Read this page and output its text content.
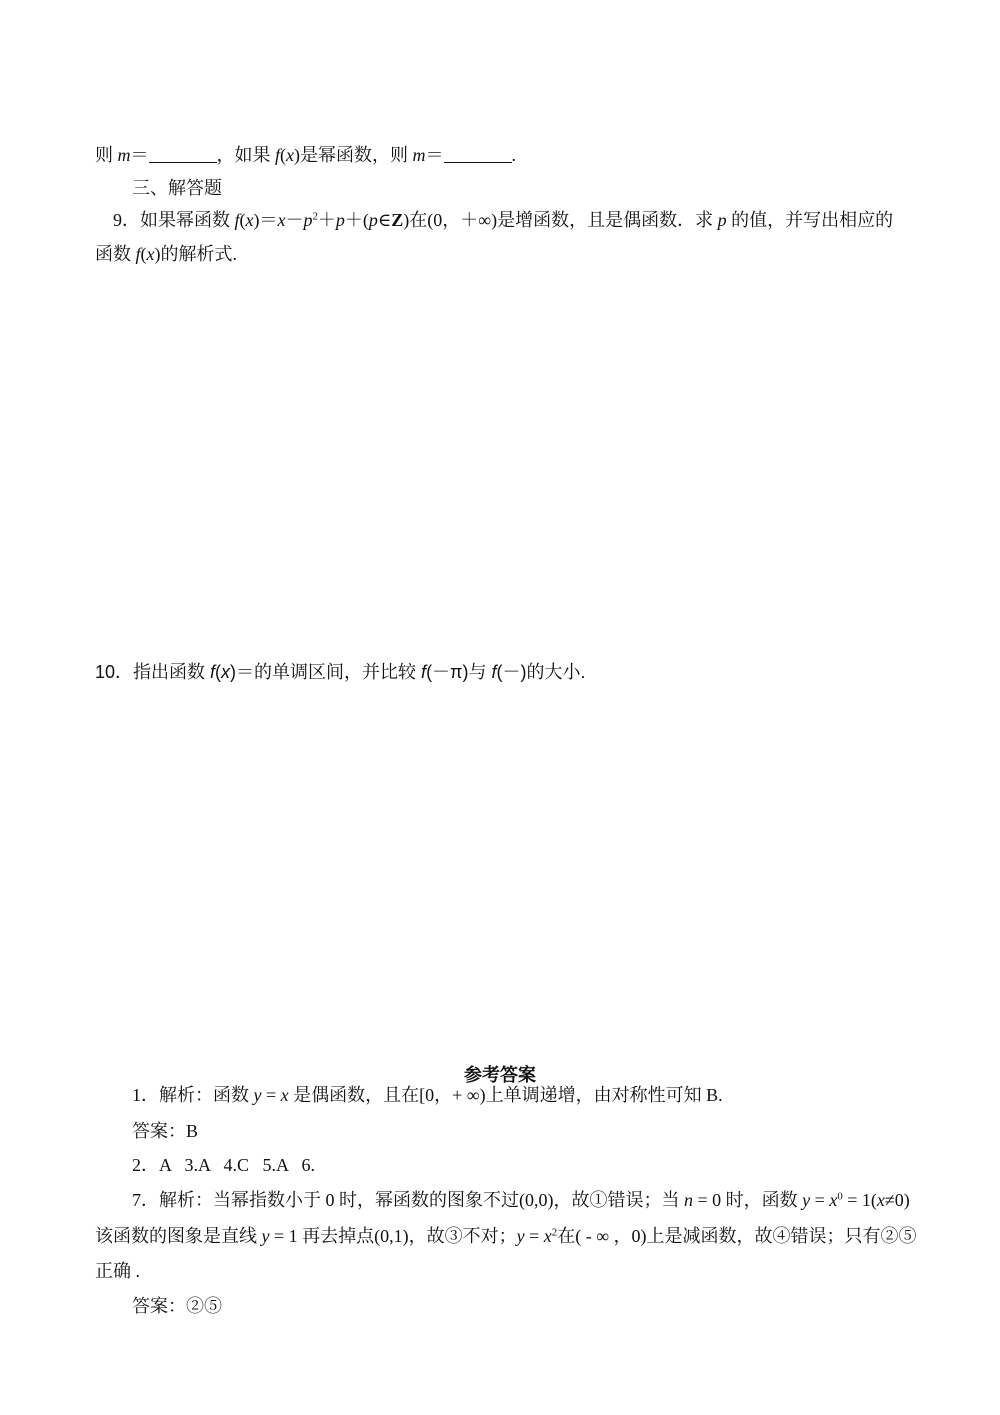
则 m＝	，如果 f(x)是幂函数，则 m＝	.

三、解答题

9．如果幂函数 $f(x)=x-p^2+p+(p\in Z)$在(0，＋∞)是增函数，且是偶函数．求 p 的值，并写出相应的

函数 f(x)的解析式.

10．指出函数 f(x)＝的单调区间，并比较 f(－π)与 f(－)的大小.

参考答案

1．解析：函数 y = x 是偶函数，且在[0，+ ∞)上单调递增，由对称性可知 B.

答案：B

2．A   3.A   4.C   5.A   6.

7．解析：当幂指数小于 0 时，幂函数的图象不过(0,0)，故①错误；当 n = 0 时，函数 $y = x^0 = 1(x\ne 0)$

该函数的图象是直线 y = 1 再去掉点(0,1)，故③不对；$y = x^2$在( - ∞ ，0)上是减函数，故④错误；只有②⑤

正确 .

答案：②⑤
